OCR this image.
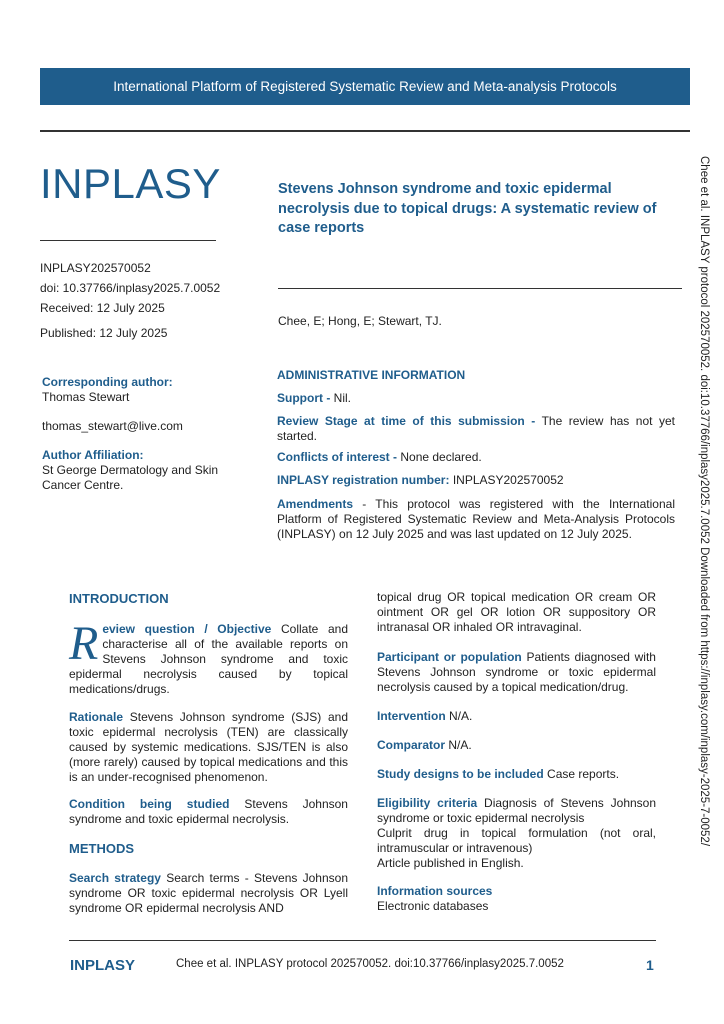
International Platform of Registered Systematic Review and Meta-analysis Protocols
INPLASY	Stevens Johnson syndrome and toxic epidermal necrolysis due to topical drugs: A systematic review of case reports
INPLASY202570052
doi: 10.37766/inplasy2025.7.0052
Received: 12 July 2025
Published: 12 July 2025
Chee, E; Hong, E; Stewart, TJ.
Corresponding author:
Thomas Stewart
thomas_stewart@live.com
Author Affiliation:
St George Dermatology and Skin
Cancer Centre.
ADMINISTRATIVE INFORMATION
Support - Nil.
Review Stage at time of this submission - The review has not yet started.
Conflicts of interest - None declared.
INPLASY registration number: INPLASY202570052
Amendments - This protocol was registered with the International Platform of Registered Systematic Review and Meta-Analysis Protocols (INPLASY) on 12 July 2025 and was last updated on 12 July 2025.
INTRODUCTION
Review question / Objective Collate and characterise all of the available reports on Stevens Johnson syndrome and toxic epidermal necrolysis caused by topical medications/drugs.
Rationale Stevens Johnson syndrome (SJS) and toxic epidermal necrolysis (TEN) are classically caused by systemic medications. SJS/TEN is also (more rarely) caused by topical medications and this is an under-recognised phenomenon.
Condition being studied Stevens Johnson syndrome and toxic epidermal necrolysis.
METHODS
Search strategy Search terms - Stevens Johnson syndrome OR toxic epidermal necrolysis OR Lyell syndrome OR epidermal necrolysis AND
topical drug OR topical medication OR cream OR ointment OR gel OR lotion OR suppository OR intranasal OR inhaled OR intravaginal.
Participant or population Patients diagnosed with Stevens Johnson syndrome or toxic epidermal necrolysis caused by a topical medication/drug.
Intervention N/A.
Comparator N/A.
Study designs to be included Case reports.
Eligibility criteria Diagnosis of Stevens Johnson syndrome or toxic epidermal necrolysis
Culprit drug in topical formulation (not oral, intramuscular or intravenous)
Article published in English.
Information sources
Electronic databases
Chee et al. INPLASY protocol 202570052. doi:10.37766/inplasy2025.7.0052 Downloaded from https://inplasy.com/inplasy-2025-7-0052/
INPLASY	Chee et al. INPLASY protocol 202570052. doi:10.37766/inplasy2025.7.0052	1
